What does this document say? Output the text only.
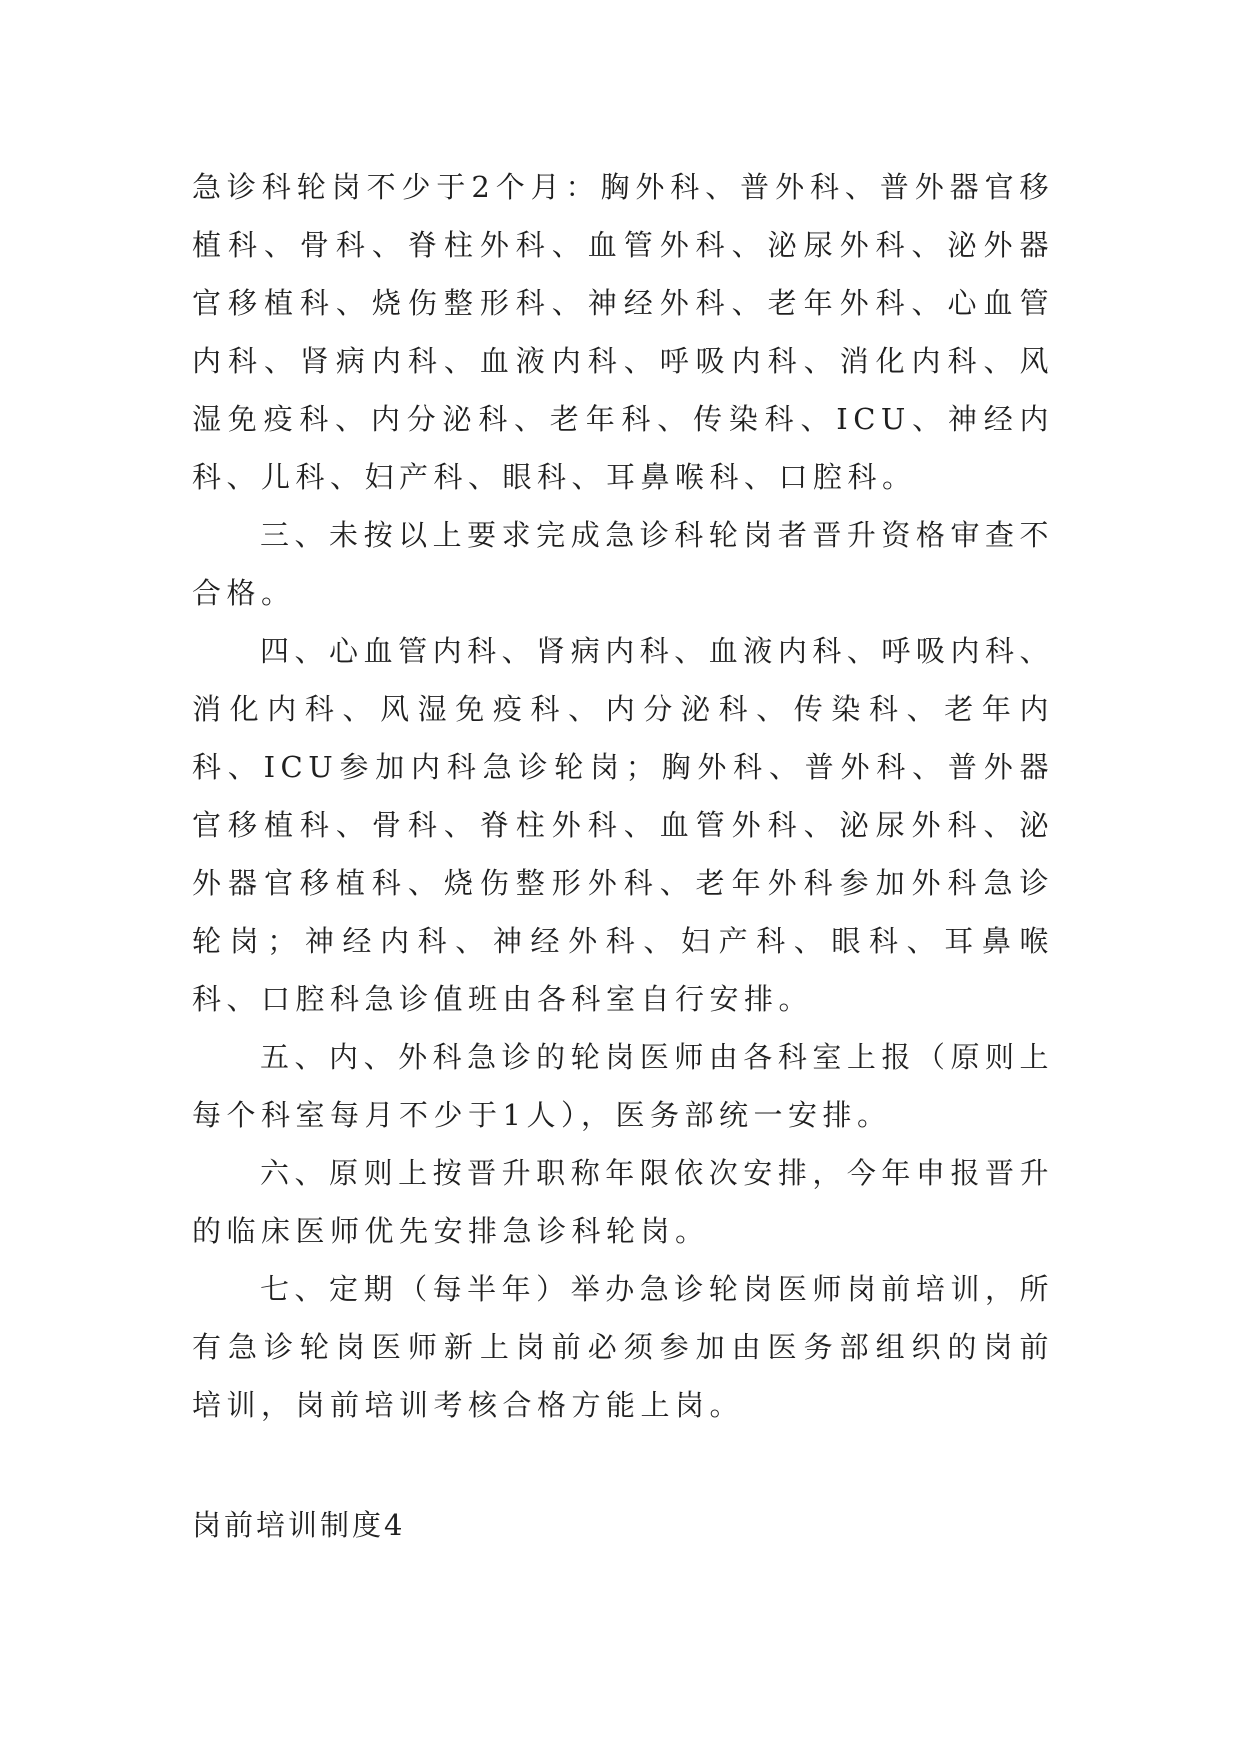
急诊科轮岗不少于2个月：胸外科、普外科、普外器官移植科、骨科、脊柱外科、血管外科、泌尿外科、泌外器官移植科、烧伤整形科、神经外科、老年外科、心血管内科、肾病内科、血液内科、呼吸内科、消化内科、风湿免疫科、内分泌科、老年科、传染科、ICU、神经内科、儿科、妇产科、眼科、耳鼻喉科、口腔科。

三、未按以上要求完成急诊科轮岗者晋升资格审查不合格。

四、心血管内科、肾病内科、血液内科、呼吸内科、消化内科、风湿免疫科、内分泌科、传染科、老年内科、ICU参加内科急诊轮岗；胸外科、普外科、普外器官移植科、骨科、脊柱外科、血管外科、泌尿外科、泌外器官移植科、烧伤整形外科、老年外科参加外科急诊轮岗；神经内科、神经外科、妇产科、眼科、耳鼻喉科、口腔科急诊值班由各科室自行安排。

五、内、外科急诊的轮岗医师由各科室上报（原则上每个科室每月不少于1人），医务部统一安排。

六、原则上按晋升职称年限依次安排，今年申报晋升的临床医师优先安排急诊科轮岗。

七、定期（每半年）举办急诊轮岗医师岗前培训，所有急诊轮岗医师新上岗前必须参加由医务部组织的岗前培训，岗前培训考核合格方能上岗。

岗前培训制度4
